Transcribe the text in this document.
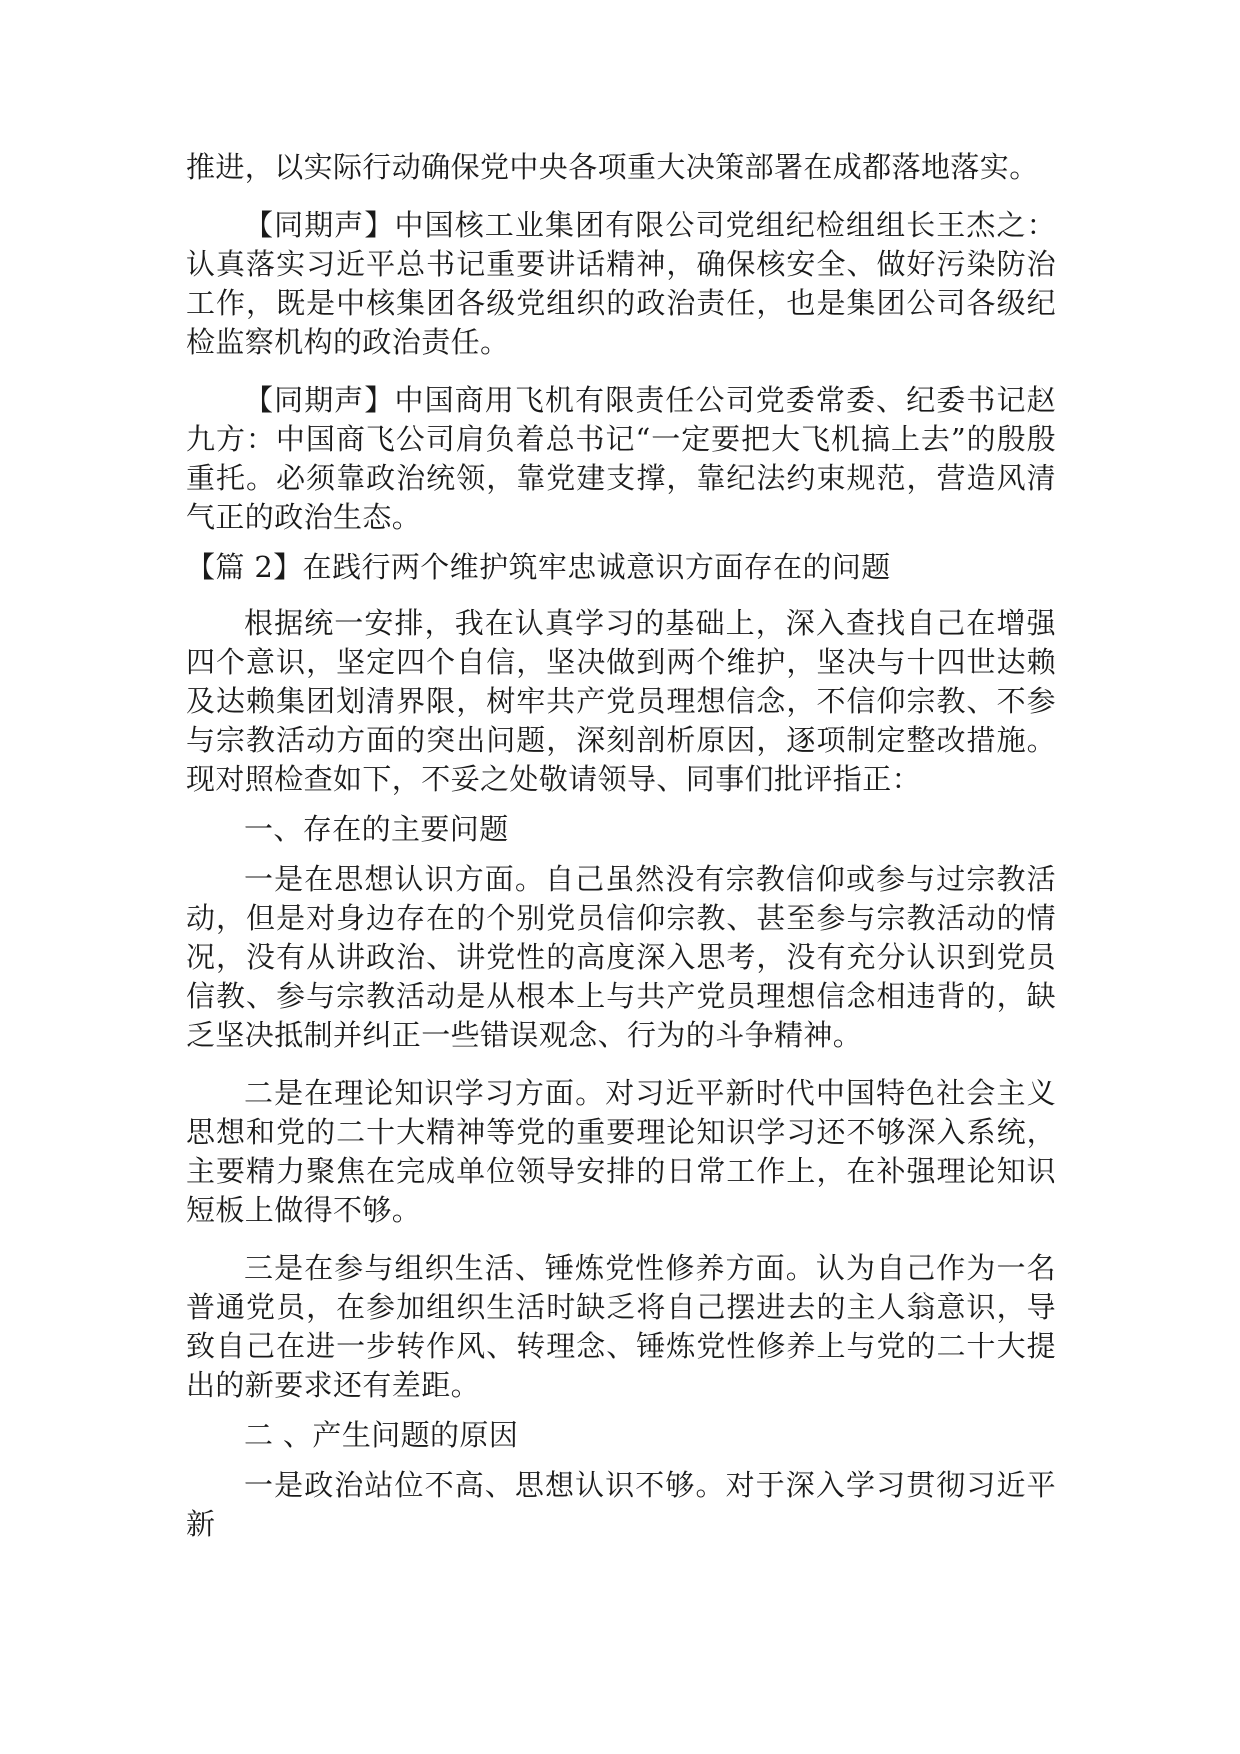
推进，以实际行动确保党中央各项重大决策部署在成都落地落实。

【同期声】中国核工业集团有限公司党组纪检组组长王杰之：认真落实习近平总书记重要讲话精神，确保核安全、做好污染防治工作，既是中核集团各级党组织的政治责任，也是集团公司各级纪检监察机构的政治责任。

【同期声】中国商用飞机有限责任公司党委常委、纪委书记赵九方：中国商飞公司肩负着总书记“一定要把大飞机搞上去”的殷殷重托。必须靠政治统领，靠党建支撑，靠纪法约束规范，营造风清气正的政治生态。

【篇 2】在践行两个维护筑牢忠诚意识方面存在的问题

根据统一安排，我在认真学习的基础上，深入查找自己在增强四个意识，坚定四个自信，坚决做到两个维护，坚决与十四世达赖及达赖集团划清界限，树牢共产党员理想信念，不信仰宗教、不参与宗教活动方面的突出问题，深刻剖析原因，逐项制定整改措施。现对照检查如下，不妥之处敬请领导、同事们批评指正：

一、存在的主要问题

一是在思想认识方面。自己虽然没有宗教信仰或参与过宗教活动，但是对身边存在的个别党员信仰宗教、甚至参与宗教活动的情况，没有从讲政治、讲党性的高度深入思考，没有充分认识到党员信教、参与宗教活动是从根本上与共产党员理想信念相违背的，缺乏坚决抵制并纠正一些错误观念、行为的斗争精神。

二是在理论知识学习方面。对习近平新时代中国特色社会主义思想和党的二十大精神等党的重要理论知识学习还不够深入系统，主要精力聚焦在完成单位领导安排的日常工作上，在补强理论知识短板上做得不够。

三是在参与组织生活、锤炼党性修养方面。认为自己作为一名普通党员，在参加组织生活时缺乏将自己摆进去的主人翁意识，导致自己在进一步转作风、转理念、锤炼党性修养上与党的二十大提出的新要求还有差距。

二 、产生问题的原因

一是政治站位不高、思想认识不够。对于深入学习贯彻习近平新
